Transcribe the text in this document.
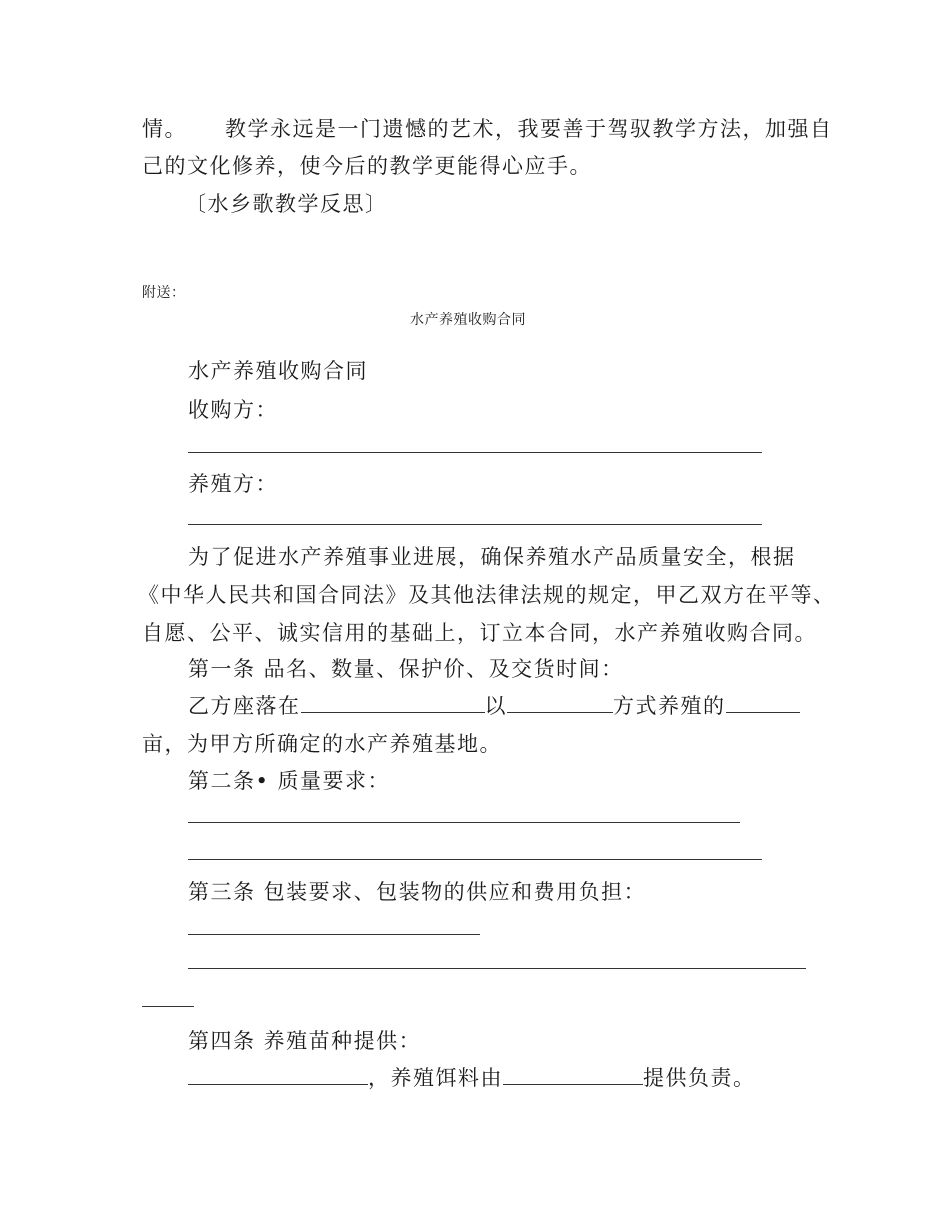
情。 教学永远是一门遗憾的艺术，我要善于驾驭教学方法，加强自
己的文化修养，使今后的教学更能得心应手。
〔水乡歌教学反思〕
附送：
水产养殖收购合同
水产养殖收购合同
收购方：
养殖方：
为了促进水产养殖事业进展，确保养殖水产品质量安全，根据
《中华人民共和国合同法》及其他法律法规的规定，甲乙双方在平等、
自愿、公平、诚实信用的基础上，订立本合同，水产养殖收购合同。
第一条 品名、数量、保护价、及交货时间：
乙方座落在	以	方式养殖的
亩，为甲方所确定的水产养殖基地。
第二条• 质量要求：
第三条 包装要求、包装物的供应和费用负担：
第四条 养殖苗种提供：
，养殖饵料由	提供负责。
